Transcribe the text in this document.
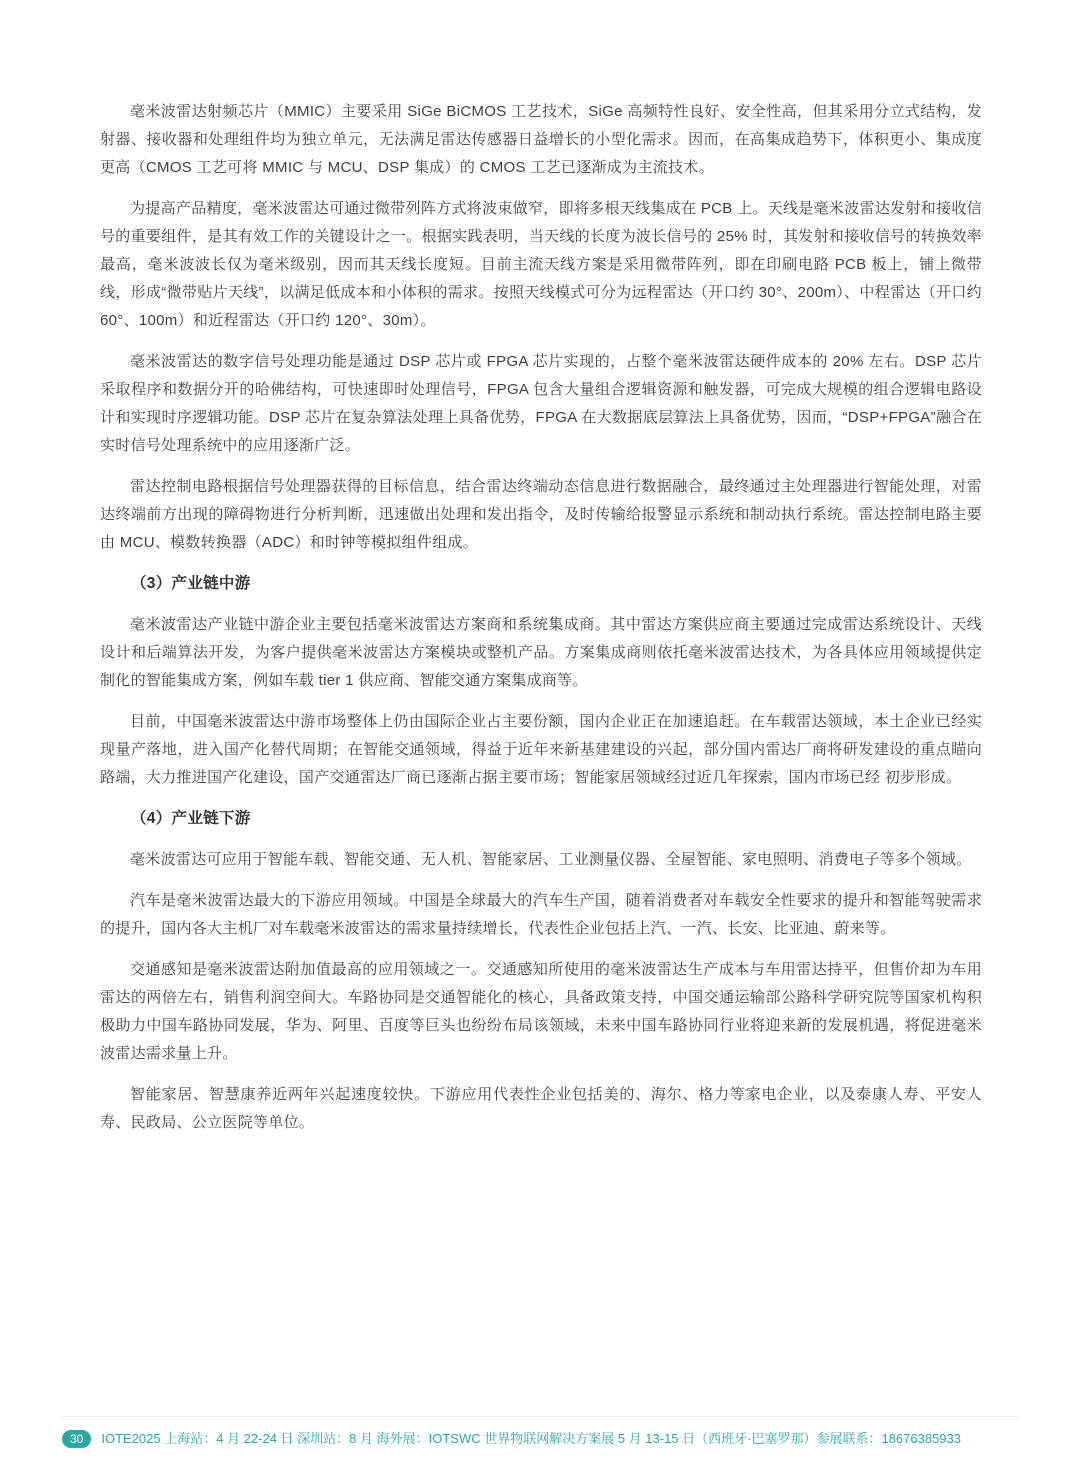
毫米波雷达射频芯片（MMIC）主要采用 SiGe BiCMOS 工艺技术，SiGe 高频特性良好、安全性高，但其采用分立式结构，发射器、接收器和处理组件均为独立单元，无法满足雷达传感器日益增长的小型化需求。因而，在高集成趋势下，体积更小、集成度更高（CMOS 工艺可将 MMIC 与 MCU、DSP 集成）的 CMOS 工艺已逐渐成为主流技术。

为提高产品精度，毫米波雷达可通过微带列阵方式将波束做窄，即将多根天线集成在 PCB 上。天线是毫米波雷达发射和接收信号的重要组件，是其有效工作的关键设计之一。根据实践表明，当天线的长度为波长信号的 25% 时，其发射和接收信号的转换效率最高，毫米波波长仅为毫米级别，因而其天线长度短。目前主流天线方案是采用微带阵列，即在印刷电路 PCB 板上，铺上微带线，形成“微带贴片天线”，以满足低成本和小体积的需求。按照天线模式可分为远程雷达（开口约 30°、200m）、中程雷达（开口约 60°、100m）和近程雷达（开口约 120°、30m）。

毫米波雷达的数字信号处理功能是通过 DSP 芯片或 FPGA 芯片实现的，占整个毫米波雷达硬件成本的 20% 左右。DSP 芯片采取程序和数据分开的哈佛结构，可快速即时处理信号，FPGA 包含大量组合逻辑资源和触发器，可完成大规模的组合逻辑电路设计和实现时序逻辑功能。DSP 芯片在复杂算法处理上具备优势，FPGA 在大数据底层算法上具备优势，因而，“DSP+FPGA”融合在实时信号处理系统中的应用逐渐广泛。

雷达控制电路根据信号处理器获得的目标信息，结合雷达终端动态信息进行数据融合，最终通过主处理器进行智能处理，对雷达终端前方出现的障碍物进行分析判断，迅速做出处理和发出指令，及时传输给报警显示系统和制动执行系统。雷达控制电路主要由 MCU、模数转换器（ADC）和时钟等模拟组件组成。

（3）产业链中游

毫米波雷达产业链中游企业主要包括毫米波雷达方案商和系统集成商。其中雷达方案供应商主要通过完成雷达系统设计、天线设计和后端算法开发，为客户提供毫米波雷达方案模块或整机产品。方案集成商则依托毫米波雷达技术，为各具体应用领域提供定制化的智能集成方案，例如车载 tier 1 供应商、智能交通方案集成商等。

目前，中国毫米波雷达中游市场整体上仍由国际企业占主要份额，国内企业正在加速追赶。在车载雷达领域，本土企业已经实现量产落地，进入国产化替代周期；在智能交通领域，得益于近年来新基建建设的兴起，部分国内雷达厂商将研发建设的重点瞄向路端，大力推进国产化建设，国产交通雷达厂商已逐渐占据主要市场；智能家居领域经过近几年探索，国内市场已经 初步形成。

（4）产业链下游

毫米波雷达可应用于智能车载、智能交通、无人机、智能家居、工业测量仪器、全屋智能、家电照明、消费电子等多个领域。

汽车是毫米波雷达最大的下游应用领域。中国是全球最大的汽车生产国，随着消费者对车载安全性要求的提升和智能驾驶需求的提升，国内各大主机厂对车载毫米波雷达的需求量持续增长，代表性企业包括上汽、一汽、长安、比亚迪、蔚来等。

交通感知是毫米波雷达附加值最高的应用领域之一。交通感知所使用的毫米波雷达生产成本与车用雷达持平，但售价却为车用雷达的两倍左右，销售利润空间大。车路协同是交通智能化的核心，具备政策支持，中国交通运输部公路科学研究院等国家机构积极助力中国车路协同发展，华为、阿里、百度等巨头也纷纷布局该领域，未来中国车路协同行业将迎来新的发展机遇，将促进毫米波雷达需求量上升。

智能家居、智慧康养近两年兴起速度较快。下游应用代表性企业包括美的、海尔、格力等家电企业，以及泰康人寿、平安人寿、民政局、公立医院等单位。

30	IOTE2025 上海站：4 月 22-24 日 深圳站：8 月 海外展：IOTSWC 世界物联网解决方案展 5 月 13-15 日（西班牙·巴塞罗那）参展联系：18676385933
